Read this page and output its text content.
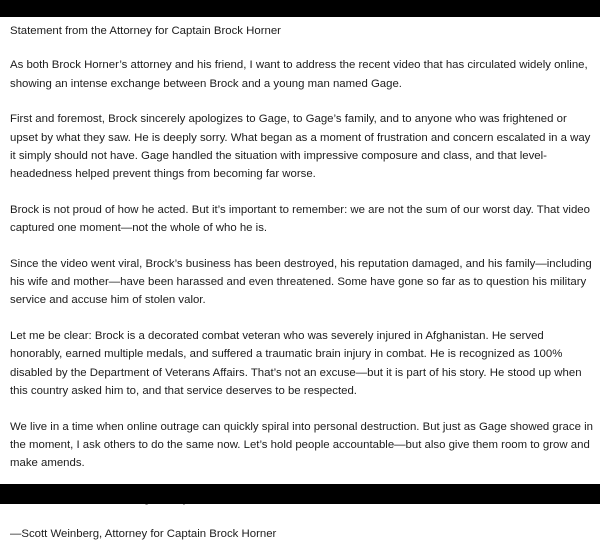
Statement from the Attorney for Captain Brock Horner

As both Brock Horner’s attorney and his friend, I want to address the recent video that has circulated widely online, showing an intense exchange between Brock and a young man named Gage.

First and foremost, Brock sincerely apologizes to Gage, to Gage’s family, and to anyone who was frightened or upset by what they saw. He is deeply sorry. What began as a moment of frustration and concern escalated in a way it simply should not have. Gage handled the situation with impressive composure and class, and that level-headedness helped prevent things from becoming far worse.

Brock is not proud of how he acted. But it’s important to remember: we are not the sum of our worst day. That video captured one moment—not the whole of who he is.

Since the video went viral, Brock’s business has been destroyed, his reputation damaged, and his family—including his wife and mother—have been harassed and even threatened. Some have gone so far as to question his military service and accuse him of stolen valor.

Let me be clear: Brock is a decorated combat veteran who was severely injured in Afghanistan. He served honorably, earned multiple medals, and suffered a traumatic brain injury in combat. He is recognized as 100% disabled by the Department of Veterans Affairs. That’s not an excuse—but it is part of his story. He stood up when this country asked him to, and that service deserves to be respected.

We live in a time when online outrage can quickly spiral into personal destruction. But just as Gage showed grace in the moment, I ask others to do the same now. Let’s hold people accountable—but also give them room to grow and make amends.

—Scott Weinberg, Attorney for Captain Brock Horner
